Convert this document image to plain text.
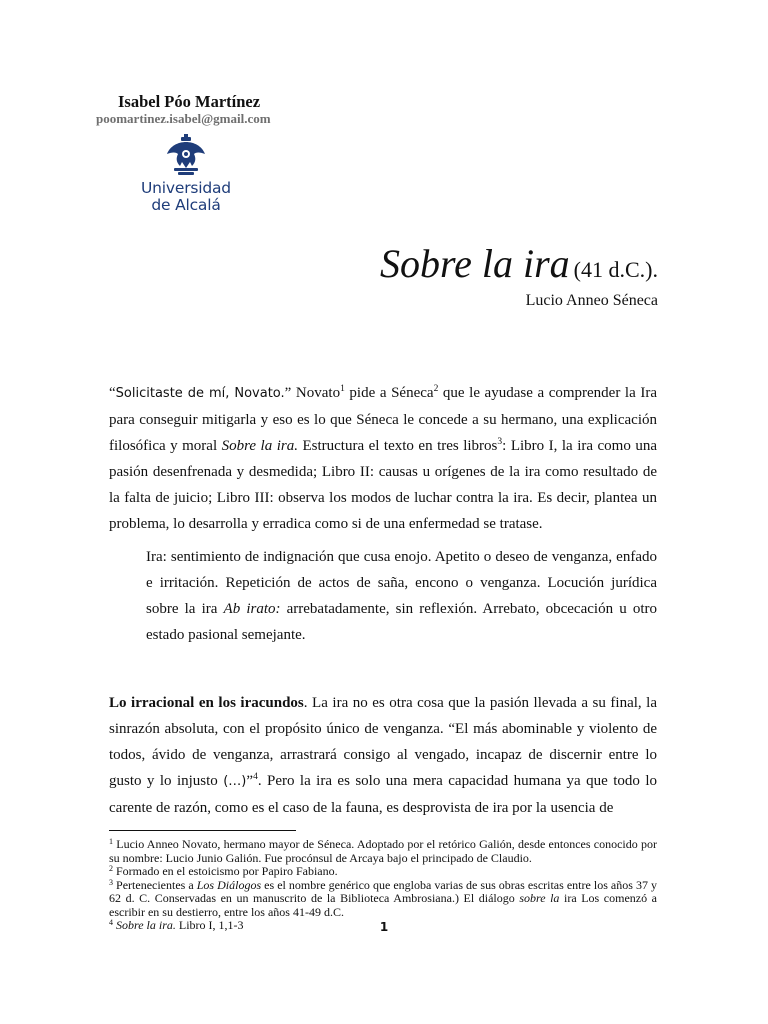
Isabel Póo Martínez
poomartinez.isabel@gmail.com
Universidad
de Alcalá
Sobre la ira (41 d.C.).
Lucio Anneo Séneca

“Solicitaste de mí, Novato.” Novato$^1$ pide a Séneca$^2$ que le ayudase a comprender la Ira para conseguir mitigarla y eso es lo que Séneca le concede a su hermano, una explicación filosófica y moral Sobre la ira. Estructura el texto en tres libros$^3$: Libro I, la ira como una pasión desenfrenada y desmedida; Libro II: causas u orígenes de la ira como resultado de la falta de juicio; Libro III: observa los modos de luchar contra la ira. Es decir, plantea un problema, lo desarrolla y erradica como si de una enfermedad se tratase.

Ira: sentimiento de indignación que cusa enojo. Apetito o deseo de venganza, enfado e irritación. Repetición de actos de saña, encono o venganza. Locución jurídica sobre la ira Ab irato: arrebatadamente, sin reflexión. Arrebato, obcecación u otro estado pasional semejante.

Lo irracional en los iracundos. La ira no es otra cosa que la pasión llevada a su final, la sinrazón absoluta, con el propósito único de venganza. “El más abominable y violento de todos, ávido de venganza, arrastrará consigo al vengado, incapaz de discernir entre lo gusto y lo injusto (…)”$^4$. Pero la ira es solo una mera capacidad humana ya que todo lo carente de razón, como es el caso de la fauna, es desprovista de ira por la usencia de

$^1$ Lucio Anneo Novato, hermano mayor de Séneca. Adoptado por el retórico Galión, desde entonces conocido por su nombre: Lucio Junio Galión. Fue procónsul de Arcaya bajo el principado de Claudio.

$^2$ Formado en el estoicismo por Papiro Fabiano.

$^3$ Pertenecientes a Los Diálogos es el nombre genérico que engloba varias de sus obras escritas entre los años 37 y 62 d. C. Conservadas en un manuscrito de la Biblioteca Ambrosiana.) El diálogo sobre la ira Los comenzó a escribir en su destierro, entre los años 41-49 d.C.

$^4$ Sobre la ira. Libro I, 1,1-3	1
